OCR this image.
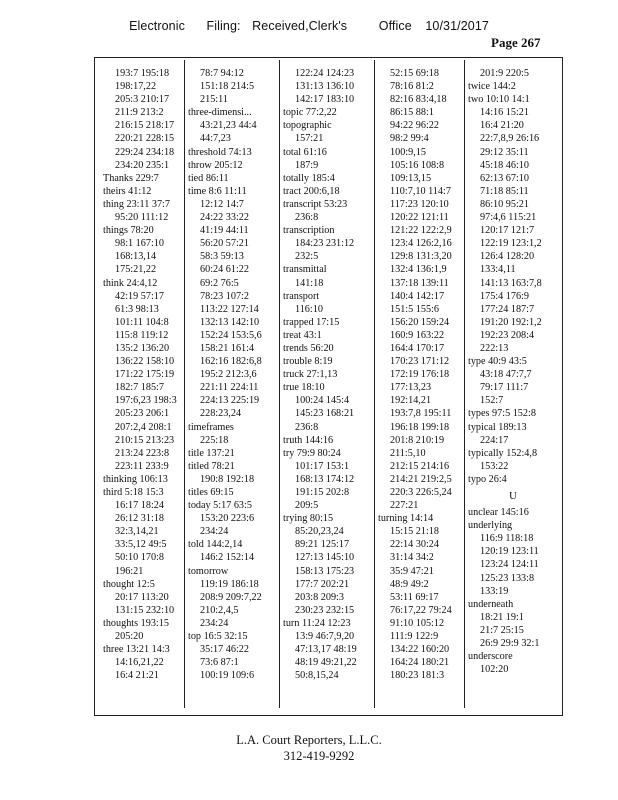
Electronic Filing: Received,Clerk's	Office 10/31/2017
Page 267
193:7 195:18
198:17,22
205:3 210:17
211:9 213:2
216:15 218:17
220:21 228:15
229:24 234:18
234:20 235:1
Thanks 229:7
theirs 41:12
thing 23:11 37:7
95:20 111:12
things 78:20
98:1 167:10
168:13,14
175:21,22
think 24:4,12
42:19 57:17
61:3 98:13
101:11 104:8
115:8 119:12
135:2 136:20
136:22 158:10
171:22 175:19
182:7 185:7
197:6,23 198:3
205:23 206:1
207:2,4 208:1
210:15 213:23
213:24 223:8
223:11 233:9
thinking 106:13
third 5:18 15:3
16:17 18:24
26:12 31:18
32:3,14,21
33:5,12 49:5
50:10 170:8
196:21
thought 12:5
20:17 113:20
131:15 232:10
thoughts 193:15
205:20
three 13:21 14:3
14:16,21,22
16:4 21:21
78:7 94:12
151:18 214:5
215:11
three-dimensi...
43:21,23 44:4
44:7,23
threshold 74:13
throw 205:12
tied 86:11
time 8:6 11:11
12:12 14:7
24:22 33:22
41:19 44:11
56:20 57:21
58:3 59:13
60:24 61:22
69:2 76:5
78:23 107:2
113:22 127:14
132:13 142:10
152:24 153:5,6
158:21 161:4
162:16 182:6,8
195:2 212:3,6
221:11 224:11
224:13 225:19
228:23,24
timeframes
225:18
title 137:21
titled 78:21
190:8 192:18
titles 69:15
today 5:17 63:5
153:20 223:6
234:24
told 144:2,14
146:2 152:14
tomorrow
119:19 186:18
208:9 209:7,22
210:2,4,5
234:24
top 16:5 32:15
35:17 46:22
73:6 87:1
100:19 109:6
122:24 124:23
131:13 136:10
142:17 183:10
topic 77:2,22
topographic
157:21
total 61:16
187:9
totally 185:4
tract 200:6,18
transcript 53:23
236:8
transcription
184:23 231:12
232:5
transmittal
141:18
transport
116:10
trapped 17:15
treat 43:1
trends 56:20
trouble 8:19
truck 27:1,13
true 18:10
100:24 145:4
145:23 168:21
236:8
truth 144:16
try 79:9 80:24
101:17 153:1
168:13 174:12
191:15 202:8
209:5
trying 80:15
85:20,23,24
89:21 125:17
127:13 145:10
158:13 175:23
177:7 202:21
203:8 209:3
230:23 232:15
turn 11:24 12:23
13:9 46:7,9,20
47:13,17 48:19
48:19 49:21,22
50:8,15,24
52:15 69:18
78:16 81:2
82:16 83:4,18
86:15 88:1
94:22 96:22
98:2 99:4
100:9,15
105:16 108:8
109:13,15
110:7,10 114:7
117:23 120:10
120:22 121:11
121:22 122:2,9
123:4 126:2,16
129:8 131:3,20
132:4 136:1,9
137:18 139:11
140:4 142:17
151:5 155:6
156:20 159:24
160:9 163:22
164:4 170:17
170:23 171:12
172:19 176:18
177:13,23
192:14,21
193:7,8 195:11
196:18 199:18
201:8 210:19
211:5,10
212:15 214:16
214:21 219:2,5
220:3 226:5,24
227:21
turning 14:14
15:15 21:18
22:14 30:24
31:14 34:2
35:9 47:21
48:9 49:2
53:11 69:17
76:17,22 79:24
91:10 105:12
111:9 122:9
134:22 160:20
164:24 180:21
180:23 181:3
201:9 220:5
twice 144:2
two 10:10 14:1
14:16 15:21
16:4 21:20
22:7,8,9 26:16
29:12 35:11
45:18 46:10
62:13 67:10
71:18 85:11
86:10 95:21
97:4,6 115:21
120:17 121:7
122:19 123:1,2
126:4 128:20
133:4,11
141:13 163:7,8
175:4 176:9
177:24 187:7
191:20 192:1,2
192:23 208:4
222:13
type 40:9 43:5
43:18 47:7,7
79:17 111:7
152:7
types 97:5 152:8
typical 189:13
224:17
typically 152:4,8
153:22
typo 26:4
U
unclear 145:16
underlying
116:9 118:18
120:19 123:11
123:24 124:11
125:23 133:8
133:19
underneath
18:21 19:1
21:7 25:15
26:9 29:9 32:1
underscore
102:20
L.A. Court Reporters, L.L.C.
312-419-9292
